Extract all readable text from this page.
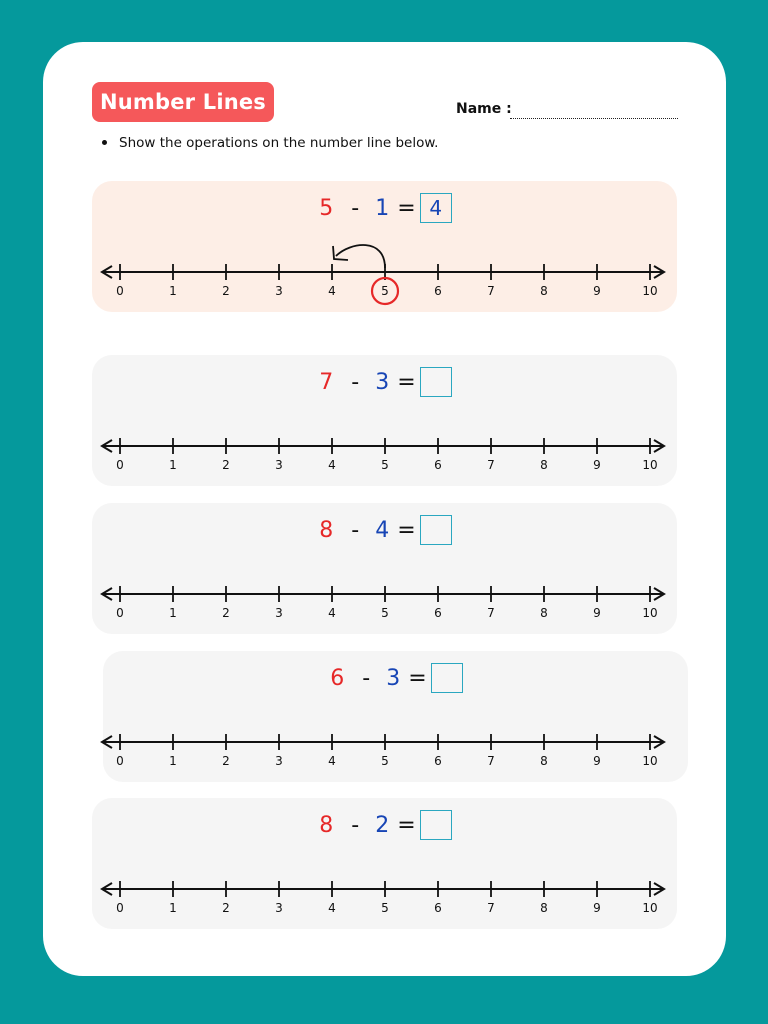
Number Lines	Name :
Show the operations on the number line below.
5 - 1 = 4
0	1	2	3	4	5	6	7	8	9	10
7 - 3 =
0	1	2	3	4	5	6	7	8	9	10
8 - 4 =
0	1	2	3	4	5	6	7	8	9	10
6 - 3 =
0	1	2	3	4	5	6	7	8	9	10
8 - 2 =
0	1	2	3	4	5	6	7	8	9	10
